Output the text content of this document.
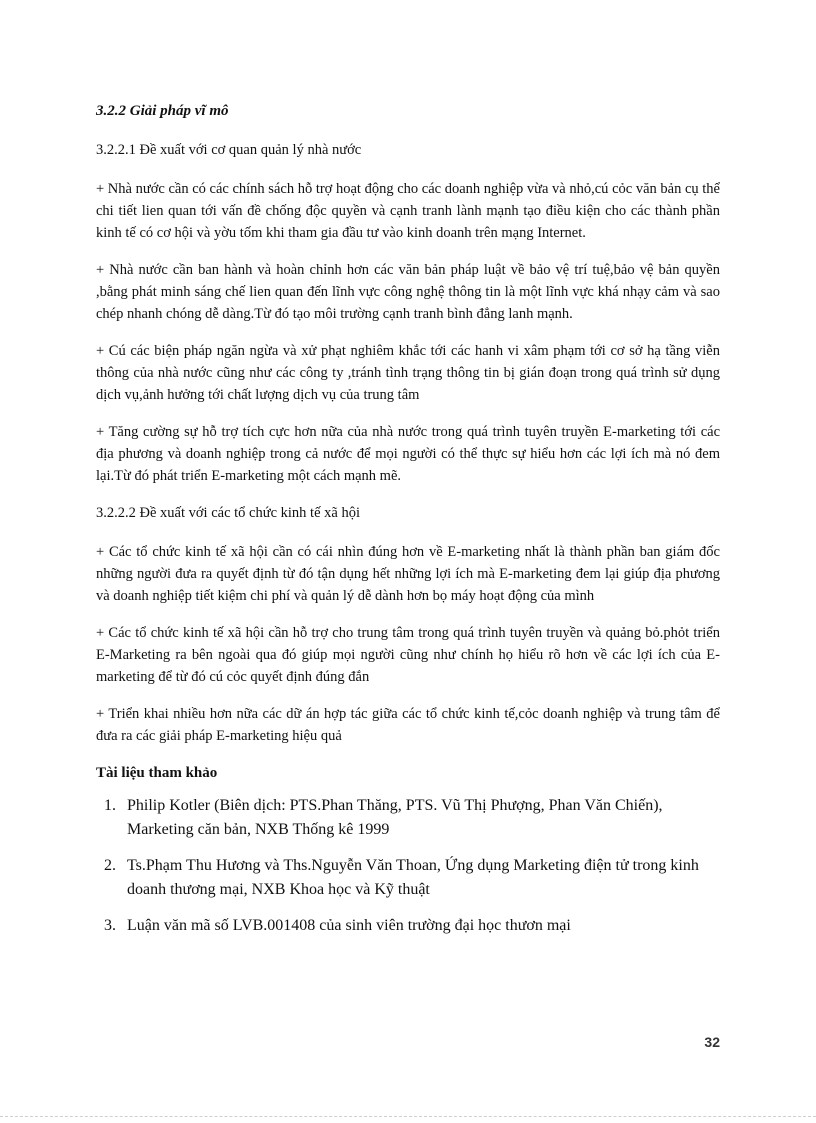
3.2.2 Giải pháp vĩ mô
3.2.2.1 Đề xuất với cơ quan quản lý nhà nước
+ Nhà nước cần có các chính sách hỗ trợ hoạt động cho các doanh nghiệp vừa và nhỏ,cú cỏc văn bản cụ thể chi tiết lien quan tới vấn đề chống độc quyền và cạnh tranh lành mạnh tạo điều kiện cho các thành phần kinh tế có cơ hội và yờu tốm khi tham gia đầu tư vào kinh doanh trên mạng Internet.
+ Nhà nước cần ban hành và hoàn chỉnh hơn các văn bản pháp luật về bảo vệ trí tuệ,bảo vệ bản quyền ,bằng phát minh sáng chế lien quan đến lĩnh vực công nghệ thông tin là một lĩnh vực khá nhạy cảm và sao chép nhanh chóng dễ dàng.Từ đó tạo môi trường cạnh tranh bình đẳng lanh mạnh.
+ Cú các biện pháp ngăn ngừa và xử phạt nghiêm khắc tới các hanh vi xâm phạm tới cơ sở hạ tầng viễn thông của nhà nước cũng như các công ty ,tránh tình trạng thông tin bị gián đoạn trong quá trình sử dụng dịch vụ,ảnh hưởng tới chất lượng dịch vụ của trung tâm
+ Tăng cường sự hỗ trợ tích cực hơn nữa của nhà nước trong quá trình tuyên truyền E-marketing tới các địa phương và doanh nghiệp trong cả nước để mọi người có thể thực sự hiểu hơn các lợi ích mà nó đem lại.Từ đó phát triển E-marketing một cách mạnh mẽ.
3.2.2.2 Đề xuất với các tổ chức kinh tế xã hội
+ Các tổ chức kinh tế xã hội cần có cái nhìn đúng hơn về E-marketing nhất là thành phần ban giám đốc những người đưa ra quyết định từ đó tận dụng hết những lợi ích mà E-marketing đem lại giúp địa phương và doanh nghiệp tiết kiệm chi phí và quản lý dễ dành hơn bọ máy hoạt động của mình
+ Các tổ chức kinh tế xã hội cần hỗ trợ cho trung tâm trong quá trình tuyên truyền và quảng bỏ.phỏt triển E-Marketing ra bên ngoài qua đó giúp mọi người cũng như chính họ hiểu rõ hơn về các lợi ích của E-marketing để từ đó cú cỏc quyết định đúng đắn
+ Triển khai nhiều hơn nữa các dữ án hợp tác giữa các tổ chức kinh tế,cỏc doanh nghiệp và trung tâm để đưa ra các giải pháp E-marketing hiệu quả
Tài liệu tham khảo
1. Philip Kotler (Biên dịch: PTS.Phan Thăng, PTS. Vũ Thị Phượng, Phan Văn Chiến), Marketing căn bản, NXB Thống kê 1999
2. Ts.Phạm Thu Hương và Ths.Nguyễn Văn Thoan, Ứng dụng Marketing điện tử trong kinh doanh thương mại, NXB Khoa học và Kỹ thuật
3. Luận văn mã số LVB.001408 của sinh viên trường đại học thươn mại
32
